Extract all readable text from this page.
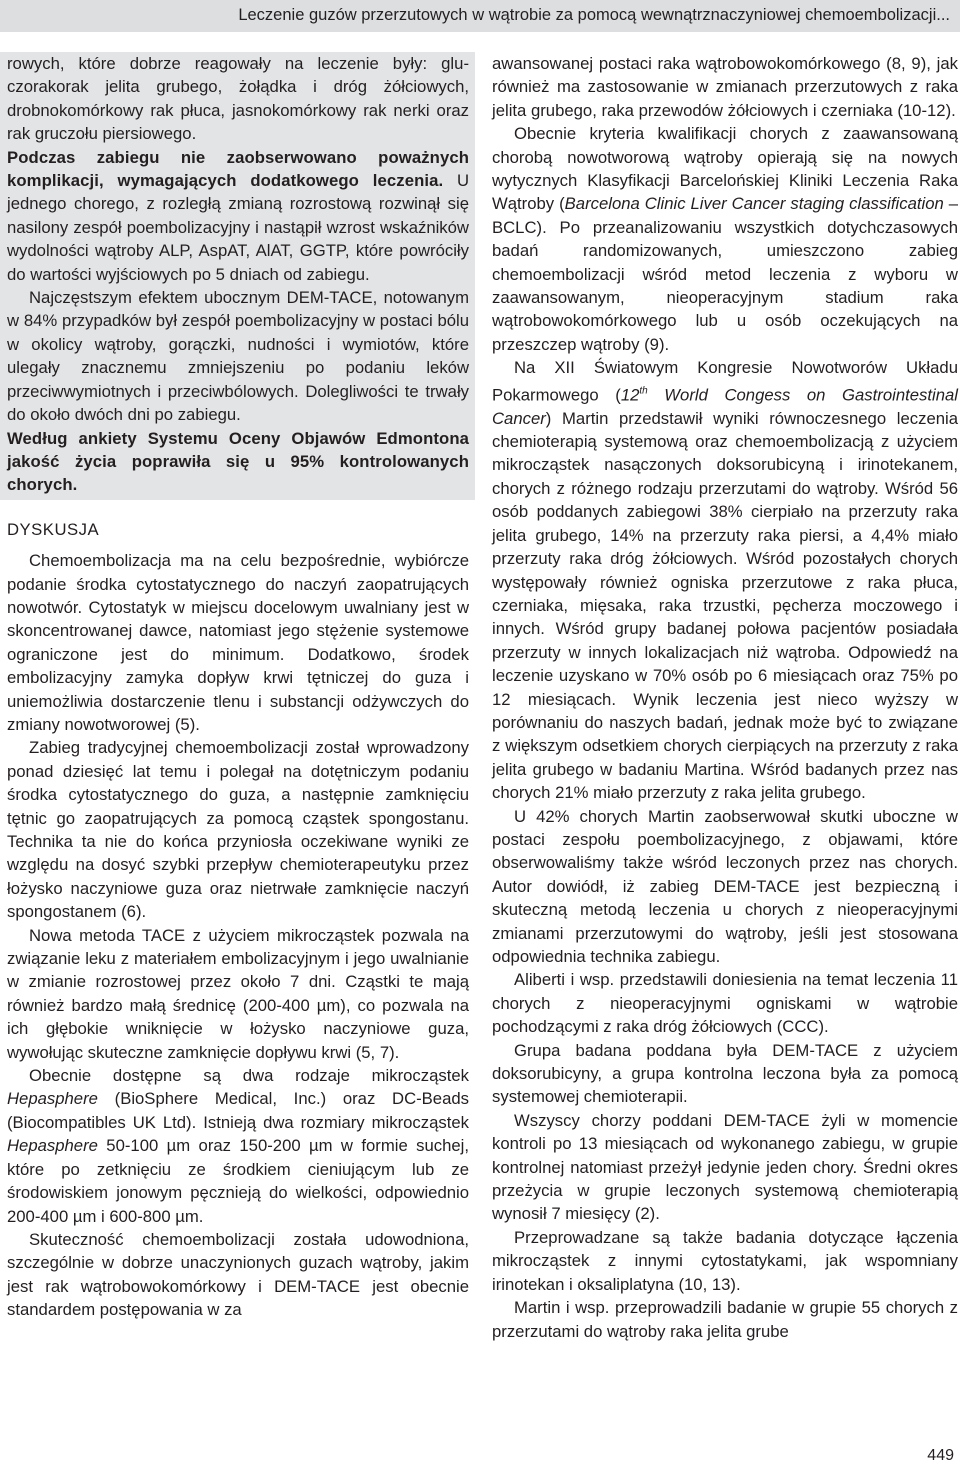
Leczenie guzów przerzutowych w wątrobie za pomocą wewnątrznaczyniowej chemoembolizacji...

rowych, które dobrze reagowały na leczenie były: gluczorakorak jelita grubego, żołądka i dróg żółciowych, drobnokomórkowy rak płuca, jasnokomórkowy rak nerki oraz rak gruczołu piersiowego.

Podczas zabiegu nie zaobserwowano poważnych komplikacji, wymagających dodatkowego leczenia. U jednego chorego, z rozległą zmianą rozrostową rozwinął się nasilony zespół poembolizacyjny i nastąpił wzrost wskaźników wydolności wątroby ALP, AspAT, AlAT, GGTP, które powróciły do wartości wyjściowych po 5 dniach od zabiegu.

Najczęstszym efektem ubocznym DEM-TACE, notowanym w 84% przypadków był zespół poembolizacyjny w postaci bólu w okolicy wątroby, gorączki, nudności i wymiotów, które ulegały znacznemu zmniejszeniu po podaniu leków przeciwwymiotnych i przeciwbólowych. Dolegliwości te trwały do około dwóch dni po zabiegu.

Według ankiety Systemu Oceny Objawów Edmontona jakość życia poprawiła się u 95% kontrolowanych chorych.

DYSKUSJA

Chemoembolizacja ma na celu bezpośrednie, wybiórcze podanie środka cytostatycznego do naczyń zaopatrujących nowotwór. Cytostatyk w miejscu docelowym uwalniany jest w skoncentrowanej dawce, natomiast jego stężenie systemowe ograniczone jest do minimum. Dodatkowo, środek embolizacyjny zamyka dopływ krwi tętniczej do guza i uniemożliwia dostarczenie tlenu i substancji odżywczych do zmiany nowotworowej (5).

Zabieg tradycyjnej chemoembolizacji został wprowadzony ponad dziesięć lat temu i polegał na dotętniczym podaniu środka cytostatycznego do guza, a następnie zamknięciu tętnic go zaopatrujących za pomocą cząstek spongostanu. Technika ta nie do końca przyniosła oczekiwane wyniki ze względu na dosyć szybki przepływ chemioterapeutyku przez łożysko naczyniowe guza oraz nietrwałe zamknięcie naczyń spongostanem (6).

Nowa metoda TACE z użyciem mikrocząstek pozwala na związanie leku z materiałem embolizacyjnym i jego uwalnianie w zmianie rozrostowej przez około 7 dni. Cząstki te mają również bardzo małą średnicę (200-400 µm), co pozwala na ich głębokie wniknięcie w łożysko naczyniowe guza, wywołując skuteczne zamknięcie dopływu krwi (5, 7).

Obecnie dostępne są dwa rodzaje mikrocząstek Hepasphere (BioSphere Medical, Inc.) oraz DC-Beads (Biocompatibles UK Ltd). Istnieją dwa rozmiary mikrocząstek Hepasphere 50-100 µm oraz 150-200 µm w formie suchej, które po zetknięciu ze środkiem cieniującym lub ze środowiskiem jonowym pęcznieją do wielkości, odpowiednio 200-400 µm i 600-800 µm.

Skuteczność chemoembolizacji została udowodniona, szczególnie w dobrze unaczynionych guzach wątroby, jakim jest rak wątrobowokomórkowy i DEM-TACE jest obecnie standardem postępowania w za

awansowanej postaci raka wątrobowokomórkowego (8, 9), jak również ma zastosowanie w zmianach przerzutowych z raka jelita grubego, raka przewodów żółciowych i czerniaka (10-12).

Obecnie kryteria kwalifikacji chorych z zaawansowaną chorobą nowotworową wątroby opierają się na nowych wytycznych Klasyfikacji Barcelońskiej Kliniki Leczenia Raka Wątroby (Barcelona Clinic Liver Cancer staging classification – BCLC). Po przeanalizowaniu wszystkich dotychczasowych badań randomizowanych, umieszczono zabieg chemoembolizacji wśród metod leczenia z wyboru w zaawansowanym, nieoperacyjnym stadium raka wątrobowokomórkowego lub u osób oczekujących na przeszczep wątroby (9).

Na XII Światowym Kongresie Nowotworów Układu Pokarmowego (12th World Congess on Gastrointestinal Cancer) Martin przedstawił wyniki równoczesnego leczenia chemioterapią systemową oraz chemoembolizacją z użyciem mikrocząstek nasączonych doksorubicyną i irinotekanem, chorych z różnego rodzaju przerzutami do wątroby. Wśród 56 osób poddanych zabiegowi 38% cierpiało na przerzuty raka jelita grubego, 14% na przerzuty raka piersi, a 4,4% miało przerzuty raka dróg żółciowych. Wśród pozostałych chorych występowały również ogniska przerzutowe z raka płuca, czerniaka, mięsaka, raka trzustki, pęcherza moczowego i innych. Wśród grupy badanej połowa pacjentów posiadała przerzuty w innych lokalizacjach niż wątroba. Odpowiedź na leczenie uzyskano w 70% osób po 6 miesiącach oraz 75% po 12 miesiącach. Wynik leczenia jest nieco wyższy w porównaniu do naszych badań, jednak może być to związane z większym odsetkiem chorych cierpiących na przerzuty z raka jelita grubego w badaniu Martina. Wśród badanych przez nas chorych 21% miało przerzuty z raka jelita grubego.

U 42% chorych Martin zaobserwował skutki uboczne w postaci zespołu poembolizacyjnego, z objawami, które obserwowaliśmy także wśród leczonych przez nas chorych. Autor dowiódł, iż zabieg DEM-TACE jest bezpieczną i skuteczną metodą leczenia u chorych z nieoperacyjnymi zmianami przerzutowymi do wątroby, jeśli jest stosowana odpowiednia technika zabiegu.

Aliberti i wsp. przedstawili doniesienia na temat leczenia 11 chorych z nieoperacyjnymi ogniskami w wątrobie pochodzącymi z raka dróg żółciowych (CCC).

Grupa badana poddana była DEM-TACE z użyciem doksorubicyny, a grupa kontrolna leczona była za pomocą systemowej chemioterapii.

Wszyscy chorzy poddani DEM-TACE żyli w momencie kontroli po 13 miesiącach od wykonanego zabiegu, w grupie kontrolnej natomiast przeżył jedynie jeden chory. Średni okres przeżycia w grupie leczonych systemową chemioterapią wynosił 7 miesięcy (2).

Przeprowadzane są także badania dotyczące łączenia mikrocząstek z innymi cytostatykami, jak wspomniany irinotekan i oksaliplatyna (10, 13).

Martin i wsp. przeprowadzili badanie w grupie 55 chorych z przerzutami do wątroby raka jelita grube

449
